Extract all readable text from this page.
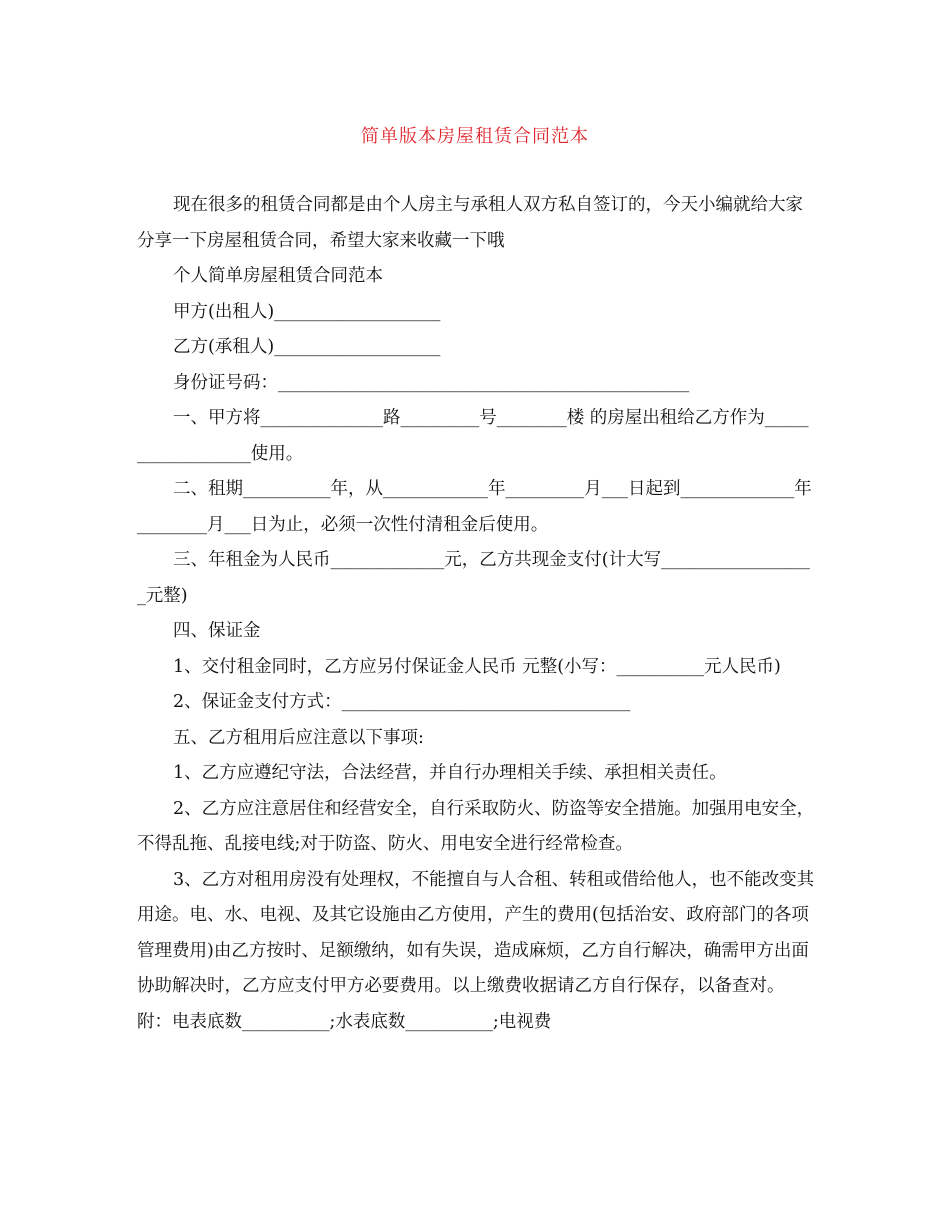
简单版本房屋租赁合同范本

现在很多的租赁合同都是由个人房主与承租人双方私自签订的，今天小编就给大家分享一下房屋租赁合同，希望大家来收藏一下哦

个人简单房屋租赁合同范本

甲方(出租人)___________________

乙方(承租人)___________________

身份证号码：_______________________________________________

一、甲方将______________路_________号________楼 的房屋出租给乙方作为__________________使用。

二、租期__________年，从____________年_________月___日起到_____________年________月___日为止，必须一次性付清租金后使用。

三、年租金为人民币_____________元，乙方共现金支付(计大写__________________元整)

四、保证金

1、交付租金同时，乙方应另付保证金人民币 元整(小写：__________元人民币)

2、保证金支付方式：_________________________________

五、乙方租用后应注意以下事项:

1、乙方应遵纪守法，合法经营，并自行办理相关手续、承担相关责任。

2、乙方应注意居住和经营安全，自行采取防火、防盗等安全措施。加强用电安全，不得乱拖、乱接电线;对于防盗、防火、用电安全进行经常检查。

3、乙方对租用房没有处理权，不能擅自与人合租、转租或借给他人，也不能改变其用途。电、水、电视、及其它设施由乙方使用，产生的费用(包括治安、政府部门的各项管理费用)由乙方按时、足额缴纳，如有失误，造成麻烦，乙方自行解决，确需甲方出面协助解决时，乙方应支付甲方必要费用。以上缴费收据请乙方自行保存，以备查对。附：电表底数__________;水表底数__________;电视费
